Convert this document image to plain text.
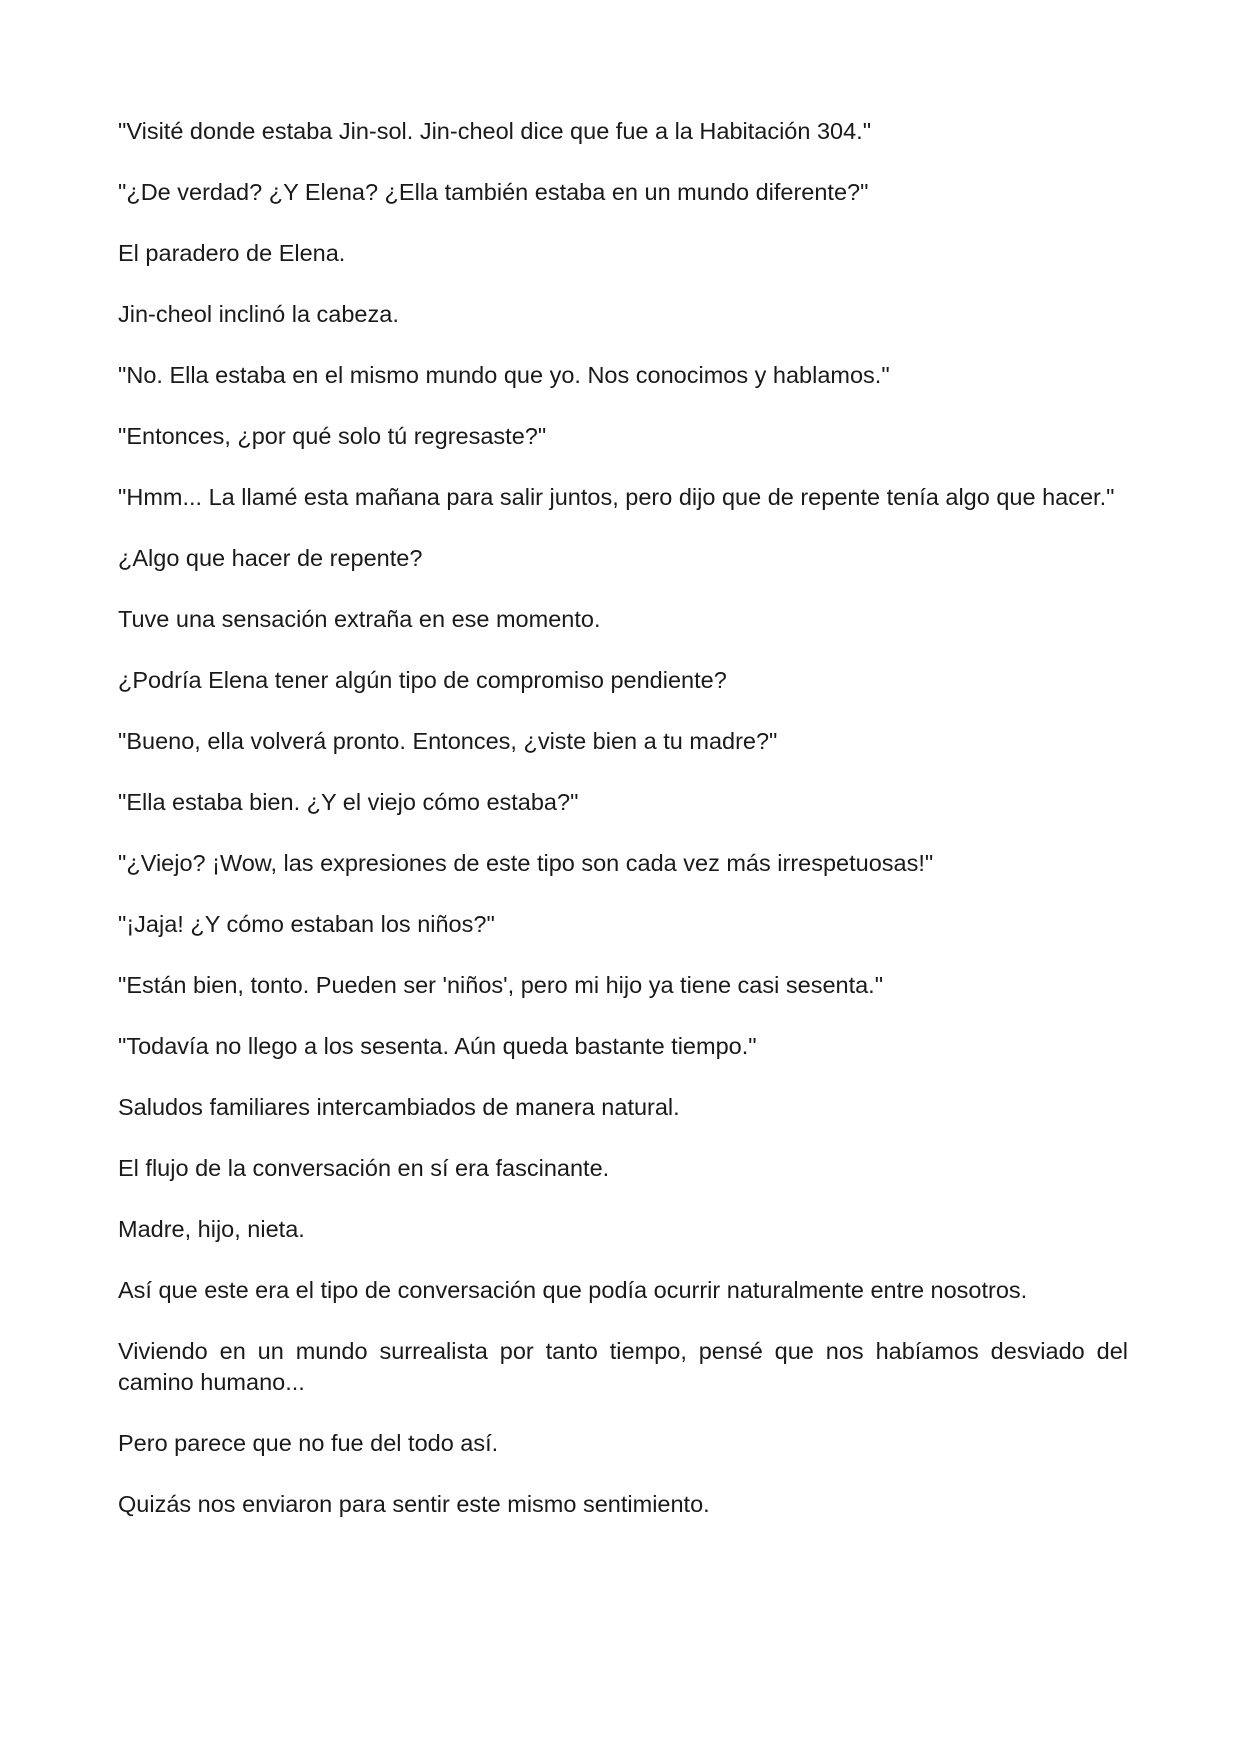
"Visité donde estaba Jin-sol. Jin-cheol dice que fue a la Habitación 304."

"¿De verdad? ¿Y Elena? ¿Ella también estaba en un mundo diferente?"

El paradero de Elena.

Jin-cheol inclinó la cabeza.

"No. Ella estaba en el mismo mundo que yo. Nos conocimos y hablamos."

"Entonces, ¿por qué solo tú regresaste?"

"Hmm... La llamé esta mañana para salir juntos, pero dijo que de repente tenía algo que hacer."

¿Algo que hacer de repente?

Tuve una sensación extraña en ese momento.

¿Podría Elena tener algún tipo de compromiso pendiente?

"Bueno, ella volverá pronto. Entonces, ¿viste bien a tu madre?"

"Ella estaba bien. ¿Y el viejo cómo estaba?"

"¿Viejo? ¡Wow, las expresiones de este tipo son cada vez más irrespetuosas!"

"¡Jaja! ¿Y cómo estaban los niños?"

"Están bien, tonto. Pueden ser 'niños', pero mi hijo ya tiene casi sesenta."

"Todavía no llego a los sesenta. Aún queda bastante tiempo."

Saludos familiares intercambiados de manera natural.

El flujo de la conversación en sí era fascinante.

Madre, hijo, nieta.

Así que este era el tipo de conversación que podía ocurrir naturalmente entre nosotros.

Viviendo en un mundo surrealista por tanto tiempo, pensé que nos habíamos desviado del camino humano...

Pero parece que no fue del todo así.

Quizás nos enviaron para sentir este mismo sentimiento.
